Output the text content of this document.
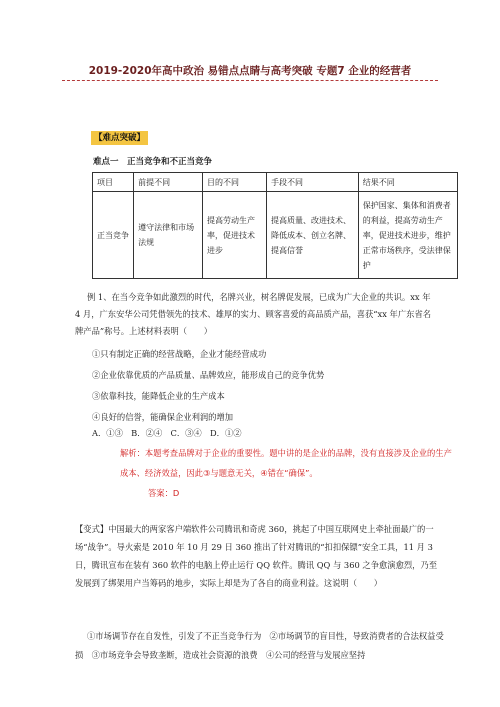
2019-2020年高中政治 易错点点睛与高考突破 专题7 企业的经营者
【难点突破】
难点一　正当竞争和不正当竞争
项目	前提不同	目的不同	手段不同	结果不同
正当竞争	遵守法律和市场法规	提高劳动生产率，促进技术进步	提高质量、改进技术、降低成本、创立名牌、提高信誉	保护国家、集体和消费者的利益，提高劳动生产率，促进技术进步，维护正常市场秩序，受法律保护
例 1、在当今竞争如此激烈的时代，名牌兴业，树名牌促发展，已成为广大企业的共识。xx 年 4 月，广东安华公司凭借领先的技术、雄厚的实力、顾客喜爱的高品质产品，喜获“xx 年广东省名牌产品”称号。上述材料表明（　　）
①只有制定正确的经营战略，企业才能经营成功
②企业依靠优质的产品质量、品牌效应，能形成自己的竞争优势
③依靠科技，能降低企业的生产成本
④良好的信誉，能确保企业利润的增加
A．①③　B．②④　C．③④　D．①②
解析：本题考查品牌对于企业的重要性。题中讲的是企业的品牌，没有直接涉及企业的生产成本、经济效益，因此③与题意无关，④错在“确保”。
答案：D
【变式】中国最大的两家客户端软件公司腾讯和奇虎 360，挑起了中国互联网史上牵扯面最广的一场“战争”。导火索是 2010 年 10 月 29 日 360 推出了针对腾讯的“扣扣保镖”安全工具，11 月 3 日，腾讯宣布在装有 360 软件的电脑上停止运行 QQ 软件。腾讯 QQ 与 360 之争愈演愈烈，乃至发展到了绑架用户当筹码的地步，实际上却是为了各自的商业利益。这说明（　　）
①市场调节存在自发性，引发了不正当竞争行为　②市场调节的盲目性，导致消费者的合法权益受损　③市场竞争会导致垄断，造成社会资源的浪费　④公司的经营与发展应坚持
